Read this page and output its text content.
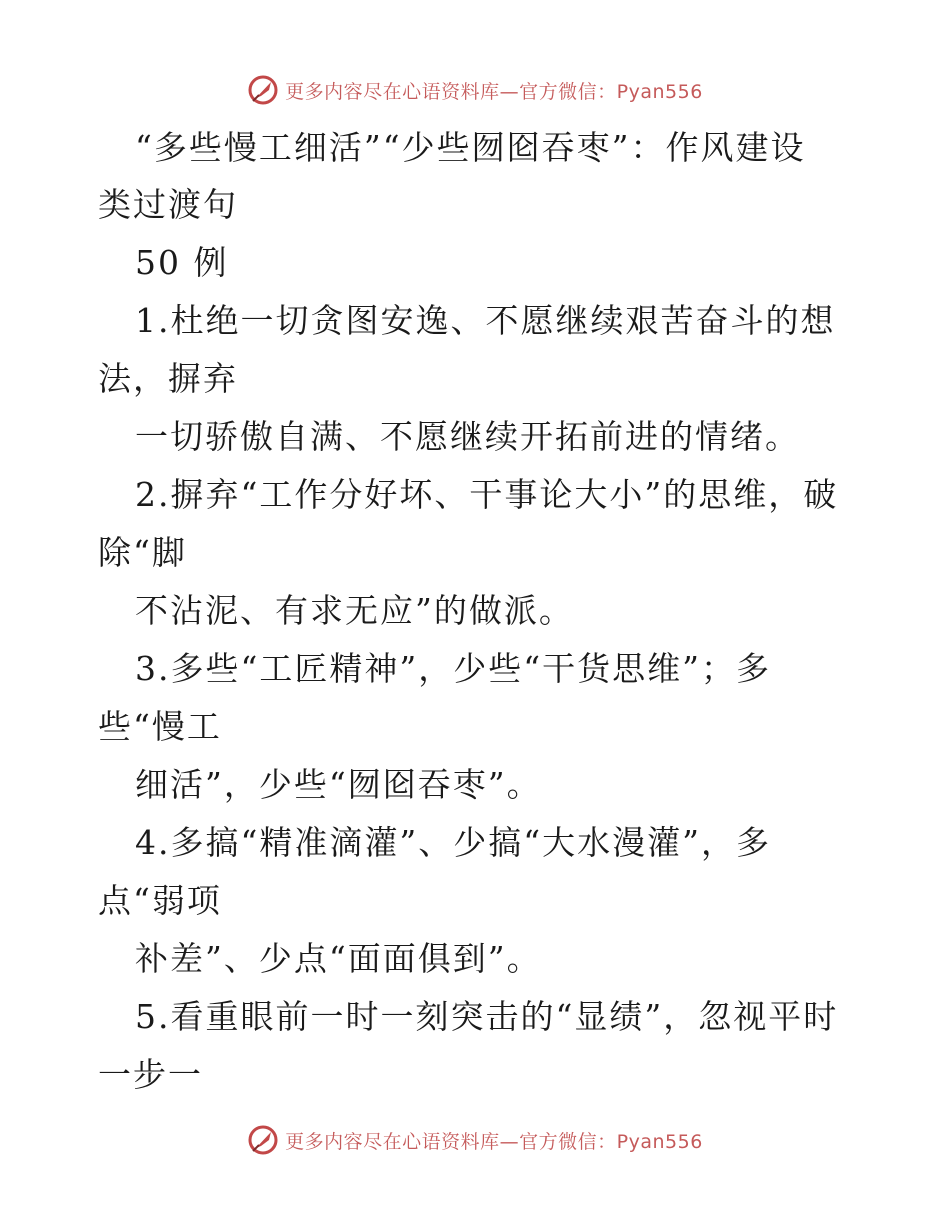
更多内容尽在心语资料库—官方微信：Pyan556
“多些慢工细活”“少些囫囵吞枣”：作风建设
类过渡句
50 例
1.杜绝一切贪图安逸、不愿继续艰苦奋斗的想
法，摒弃
一切骄傲自满、不愿继续开拓前进的情绪。
2.摒弃“工作分好坏、干事论大小”的思维，破
除“脚
不沾泥、有求无应”的做派。
3.多些“工匠精神”，少些“干货思维”；多
些“慢工
细活”，少些“囫囵吞枣”。
4.多搞“精准滴灌”、少搞“大水漫灌”，多
点“弱项
补差”、少点“面面俱到”。
5.看重眼前一时一刻突击的“显绩”，忽视平时
一步一
更多内容尽在心语资料库—官方微信：Pyan556
